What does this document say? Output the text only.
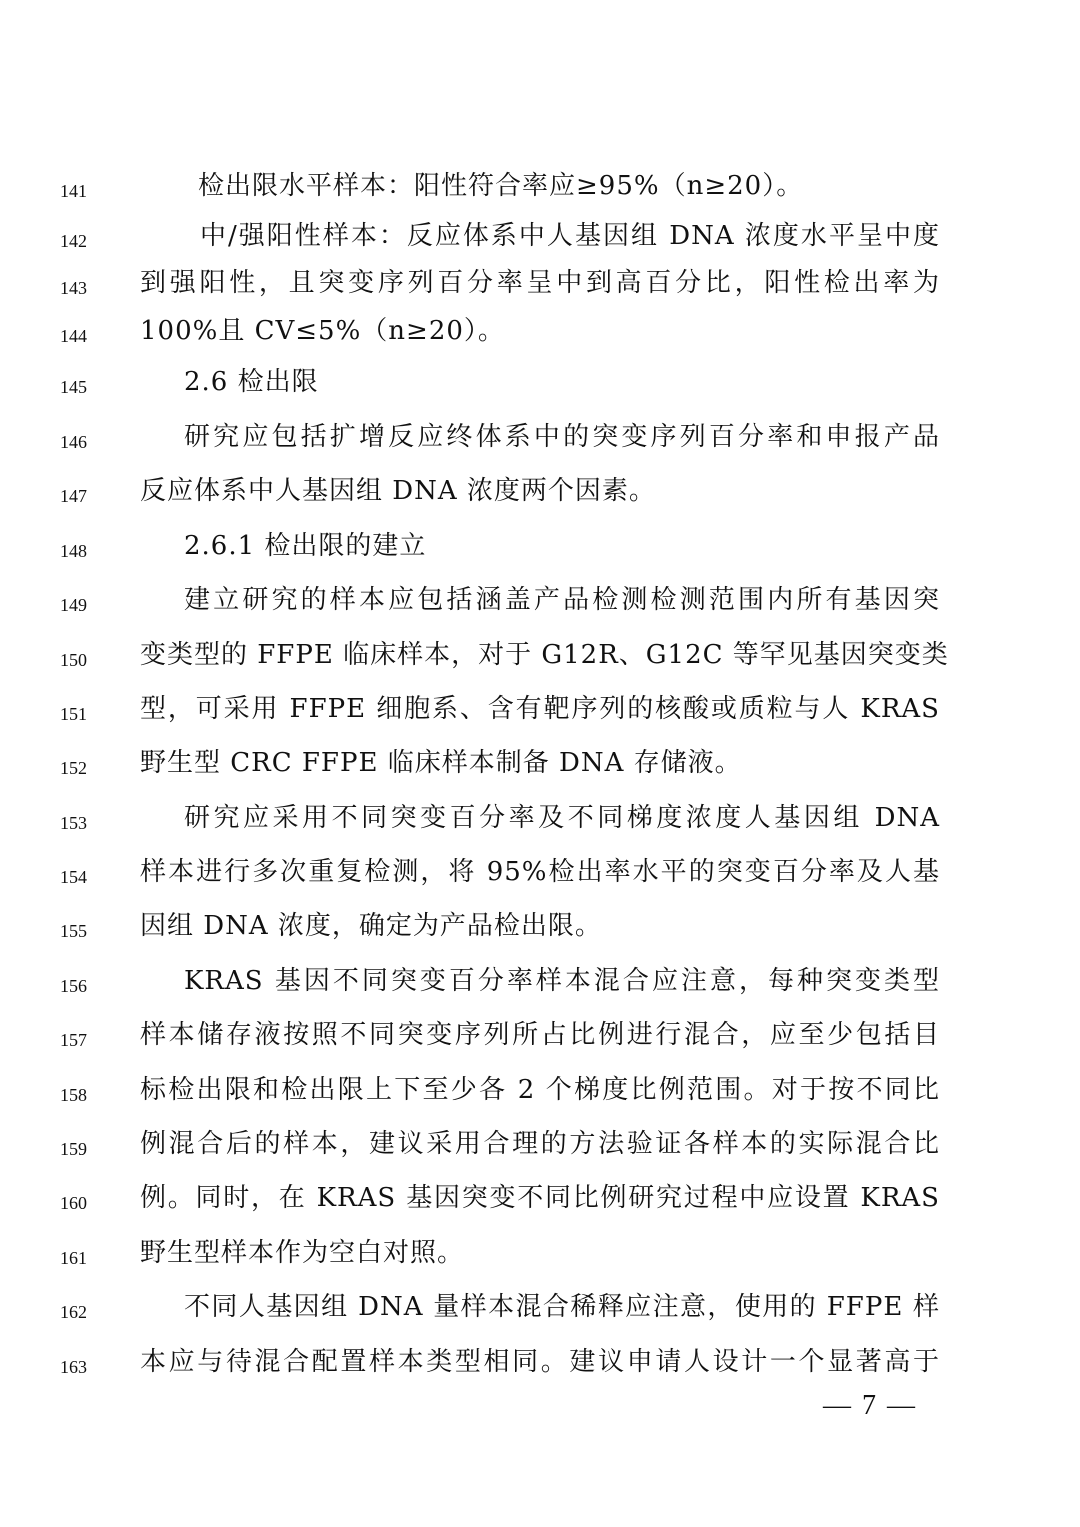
141	检出限水平样本：阳性符合率应≥95%（n≥20）。
142	中/强阳性样本：反应体系中人基因组 DNA 浓度水平呈中度
143	到强阳性，且突变序列百分率呈中到高百分比，阳性检出率为
144	100%且 CV≤5%（n≥20）。
145	2.6 检出限
146	研究应包括扩增反应终体系中的突变序列百分率和申报产品
147	反应体系中人基因组 DNA 浓度两个因素。
148	2.6.1 检出限的建立
149	建立研究的样本应包括涵盖产品检测检测范围内所有基因突
150	变类型的 FFPE 临床样本，对于 G12R、G12C 等罕见基因突变类
151	型，可采用 FFPE 细胞系、含有靶序列的核酸或质粒与人 KRAS
152	野生型 CRC FFPE 临床样本制备 DNA 存储液。
153	研究应采用不同突变百分率及不同梯度浓度人基因组 DNA
154	样本进行多次重复检测，将 95%检出率水平的突变百分率及人基
155	因组 DNA 浓度，确定为产品检出限。
156	KRAS 基因不同突变百分率样本混合应注意，每种突变类型
157	样本储存液按照不同突变序列所占比例进行混合，应至少包括目
158	标检出限和检出限上下至少各 2 个梯度比例范围。对于按不同比
159	例混合后的样本，建议采用合理的方法验证各样本的实际混合比
160	例。同时，在 KRAS 基因突变不同比例研究过程中应设置 KRAS
161	野生型样本作为空白对照。
162	不同人基因组 DNA 量样本混合稀释应注意，使用的 FFPE 样
163	本应与待混合配置样本类型相同。建议申请人设计一个显著高于
— 7 —
